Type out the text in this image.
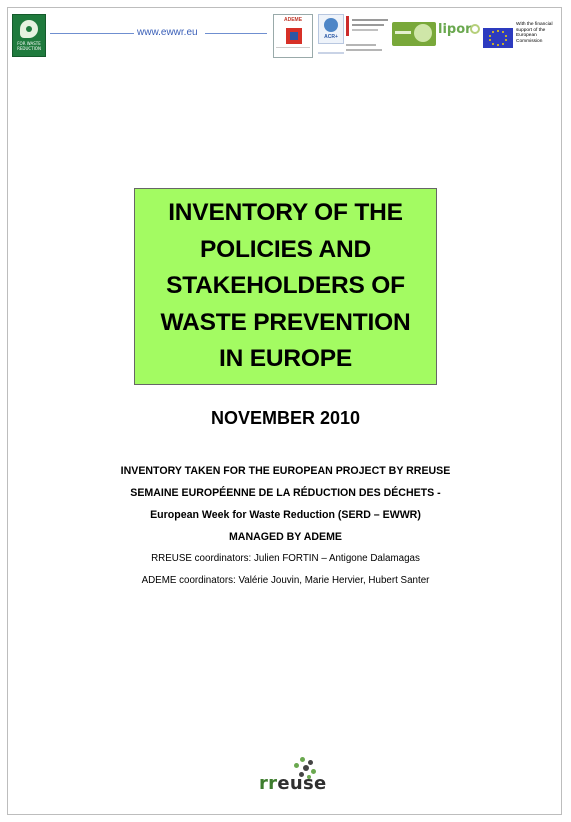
FOR WASTE REDUCTION
www.ewwr.eu
ADEME
ACR+	lipor	With the financial support of the European Commission
INVENTORY OF THE
POLICIES AND
STAKEHOLDERS OF
WASTE PREVENTION
IN EUROPE
NOVEMBER 2010

INVENTORY TAKEN FOR THE EUROPEAN PROJECT BY RREUSE

SEMAINE EUROPÉENNE DE LA RÉDUCTION DES DÉCHETS -

European Week for Waste Reduction (SERD – EWWR)

MANAGED BY ADEME

RREUSE coordinators: Julien FORTIN – Antigone Dalamagas

ADEME coordinators: Valérie Jouvin, Marie Hervier, Hubert Santer

rreuse
